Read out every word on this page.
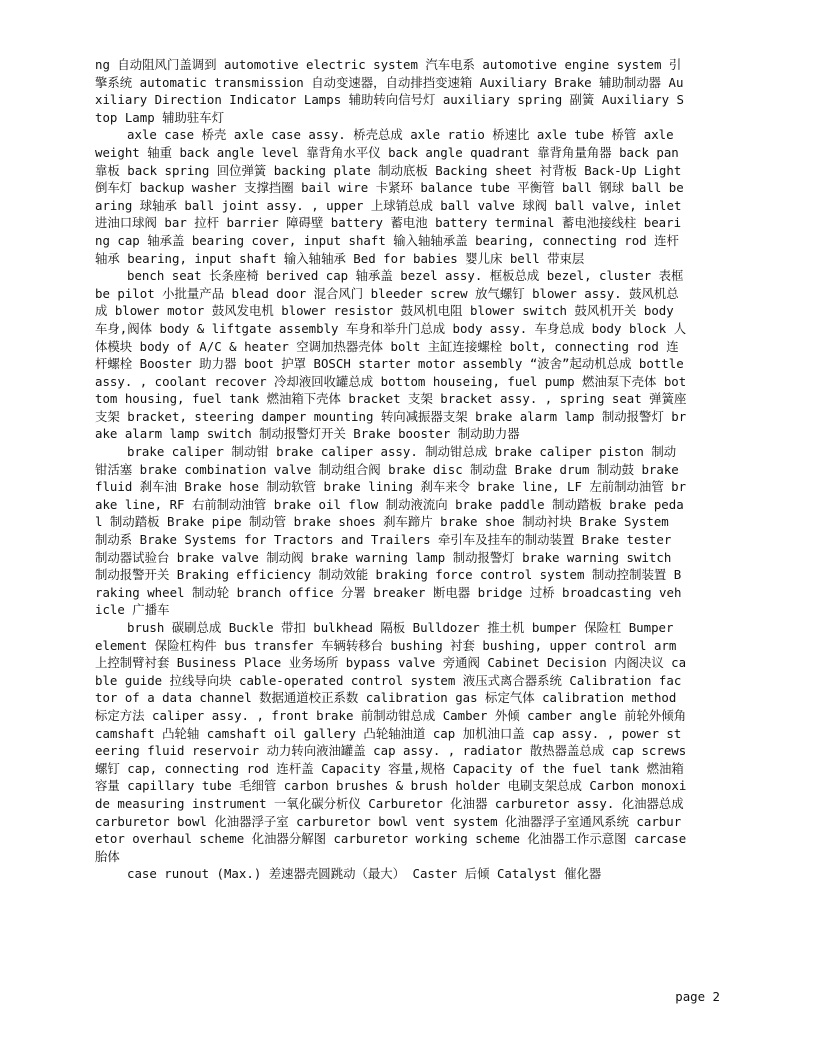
ng 自动阻风门盖调到 automotive electric system 汽车电系 automotive engine system 引擎系统 automatic transmission 自动变速器，自动排挡变速箱 Auxiliary Brake 辅助制动器 Auxiliary Direction Indicator Lamps 辅助转向信号灯 auxiliary spring 副簧 Auxiliary Stop Lamp 辅助驻车灯

axle case 桥壳 axle case assy. 桥壳总成 axle ratio 桥速比 axle tube 桥管 axle weight 轴重 back angle level 靠背角水平仪 back angle quadrant 靠背角量角器 back pan 靠板 back spring 回位弹簧 backing plate 制动底板 Backing sheet 衬背板 Back-Up Light 倒车灯 backup washer 支撑挡圈 bail wire 卡紧环 balance tube 平衡管 ball 钢球 ball bearing 球轴承 ball joint assy. , upper 上球销总成 ball valve 球阀 ball valve, inlet 进油口球阀 bar 拉杆 barrier 障碍壁 battery 蓄电池 battery terminal 蓄电池接线柱 bearing cap 轴承盖 bearing cover, input shaft 输入轴轴承盖 bearing, connecting rod 连杆轴承 bearing, input shaft 输入轴轴承 Bed for babies 婴儿床 bell 带束层

bench seat 长条座椅 berived cap 轴承盖 bezel assy. 框板总成 bezel, cluster 表框 be pilot 小批量产品 blead door 混合风门 bleeder screw 放气螺钉 blower assy. 鼓风机总成 blower motor 鼓风发电机 blower resistor 鼓风机电阻 blower switch 鼓风机开关 body 车身,阀体 body & liftgate assembly 车身和举升门总成 body assy. 车身总成 body block 人体模块 body of A/C & heater 空调加热器壳体 bolt 主缸连接螺栓 bolt, connecting rod 连杆螺栓 Booster 助力器 boot 护罩 BOSCH starter motor assembly “波舍”起动机总成 bottle assy. , coolant recover 冷却液回收罐总成 bottom houseing, fuel pump 燃油泵下壳体 bottom housing, fuel tank 燃油箱下壳体 bracket 支架 bracket assy. , spring seat 弹簧座支架 bracket, steering damper mounting 转向减振器支架 brake alarm lamp 制动报警灯 brake alarm lamp switch 制动报警灯开关 Brake booster 制动助力器

brake caliper 制动钳 brake caliper assy. 制动钳总成 brake caliper piston 制动钳活塞 brake combination valve 制动组合阀 brake disc 制动盘 Brake drum 制动鼓 brake fluid 刹车油 Brake hose 制动软管 brake lining 刹车来令 brake line, LF 左前制动油管 brake line, RF 右前制动油管 brake oil flow 制动液流向 brake paddle 制动踏板 brake pedal 制动踏板 Brake pipe 制动管 brake shoes 刹车蹄片 brake shoe 制动衬块 Brake System 制动系 Brake Systems for Tractors and Trailers 牵引车及挂车的制动装置 Brake tester 制动器试验台 brake valve 制动阀 brake warning lamp 制动报警灯 brake warning switch 制动报警开关 Braking efficiency 制动效能 braking force control system 制动控制装置 Braking wheel 制动轮 branch office 分署 breaker 断电器 bridge 过桥 broadcasting vehicle 广播车

brush 碳刷总成 Buckle 带扣 bulkhead 隔板 Bulldozer 推土机 bumper 保险杠 Bumper element 保险杠构件 bus transfer 车辆转移台 bushing 衬套 bushing, upper control arm 上控制臂衬套 Business Place 业务场所 bypass valve 旁通阀 Cabinet Decision 内阁决议 cable guide 拉线导向块 cable-operated control system 液压式离合器系统 Calibration factor of a data channel 数据通道校正系数 calibration gas 标定气体 calibration method 标定方法 caliper assy. , front brake 前制动钳总成 Camber 外倾 camber angle 前轮外倾角 camshaft 凸轮轴 camshaft oil gallery 凸轮轴油道 cap 加机油口盖 cap assy. , power steering fluid reservoir 动力转向液油罐盖 cap assy. , radiator 散热器盖总成 cap screws 螺钉 cap, connecting rod 连杆盖 Capacity 容量,规格 Capacity of the fuel tank 燃油箱容量 capillary tube 毛细管 carbon brushes & brush holder 电刷支架总成 Carbon monoxide measuring instrument 一氧化碳分析仪 Carburetor 化油器 carburetor assy. 化油器总成 carburetor bowl 化油器浮子室 carburetor bowl vent system 化油器浮子室通风系统 carburetor overhaul scheme 化油器分解图 carburetor working scheme 化油器工作示意图 carcase 胎体

case runout (Max.) 差速器壳圆跳动（最大） Caster 后倾 Catalyst 催化器

page 2
